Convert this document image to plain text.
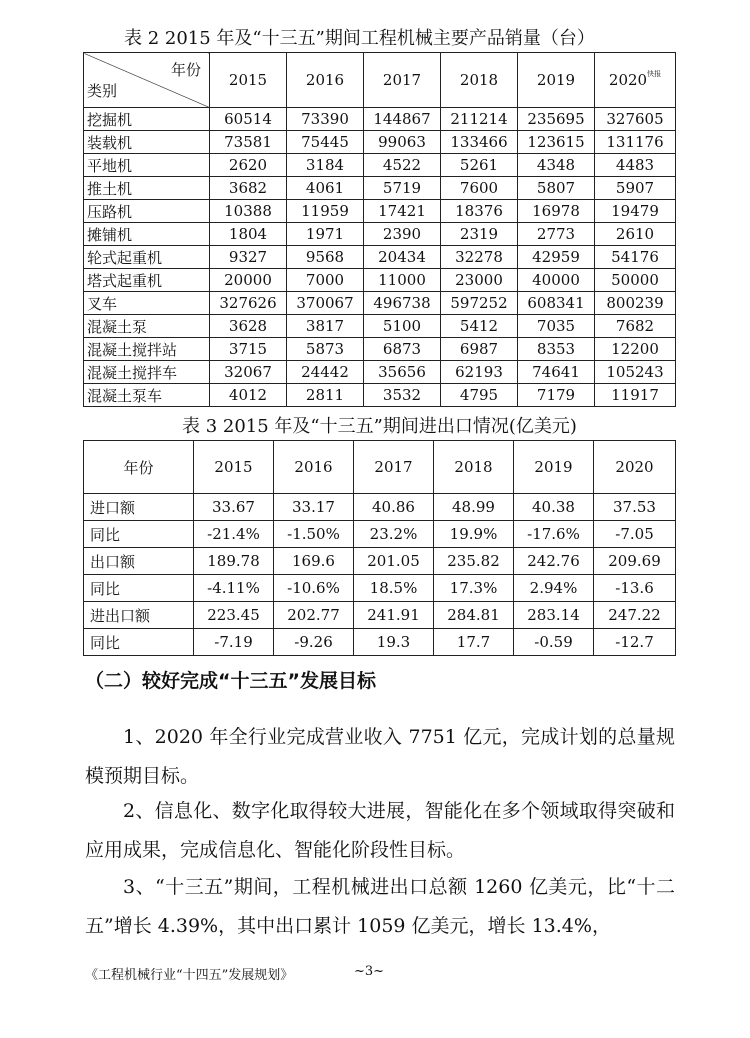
表 2 2015 年及“十三五”期间工程机械主要产品销量（台）
年份
类别	2015	2016	2017	2018	2019	2020$^{快报}$
挖掘机	60514	73390	144867	211214	235695	327605
装载机	73581	75445	99063	133466	123615	131176
平地机	2620	3184	4522	5261	4348	4483
推土机	3682	4061	5719	7600	5807	5907
压路机	10388	11959	17421	18376	16978	19479
摊铺机	1804	1971	2390	2319	2773	2610
轮式起重机	9327	9568	20434	32278	42959	54176
塔式起重机	20000	7000	11000	23000	40000	50000
叉车	327626	370067	496738	597252	608341	800239
混凝土泵	3628	3817	5100	5412	7035	7682
混凝土搅拌站	3715	5873	6873	6987	8353	12200
混凝土搅拌车	32067	24442	35656	62193	74641	105243
混凝土泵车	4012	2811	3532	4795	7179	11917
表 3 2015 年及“十三五”期间进出口情况(亿美元)
年份	2015	2016	2017	2018	2019	2020
进口额	33.67	33.17	40.86	48.99	40.38	37.53
同比	-21.4%	-1.50%	23.2%	19.9%	-17.6%	-7.05
出口额	189.78	169.6	201.05	235.82	242.76	209.69
同比	-4.11%	-10.6%	18.5%	17.3%	2.94%	-13.6
进出口额	223.45	202.77	241.91	284.81	283.14	247.22
同比	-7.19	-9.26	19.3	17.7	-0.59	-12.7
（二）较好完成“十三五”发展目标
1、2020 年全行业完成营业收入 7751 亿元，完成计划的总量规模预期目标。
2、信息化、数字化取得较大进展，智能化在多个领域取得突破和应用成果，完成信息化、智能化阶段性目标。
3、“十三五”期间，工程机械进出口总额 1260 亿美元，比“十二五”增长 4.39%，其中出口累计 1059 亿美元，增长 13.4%，
《工程机械行业“十四五”发展规划》	~3~
